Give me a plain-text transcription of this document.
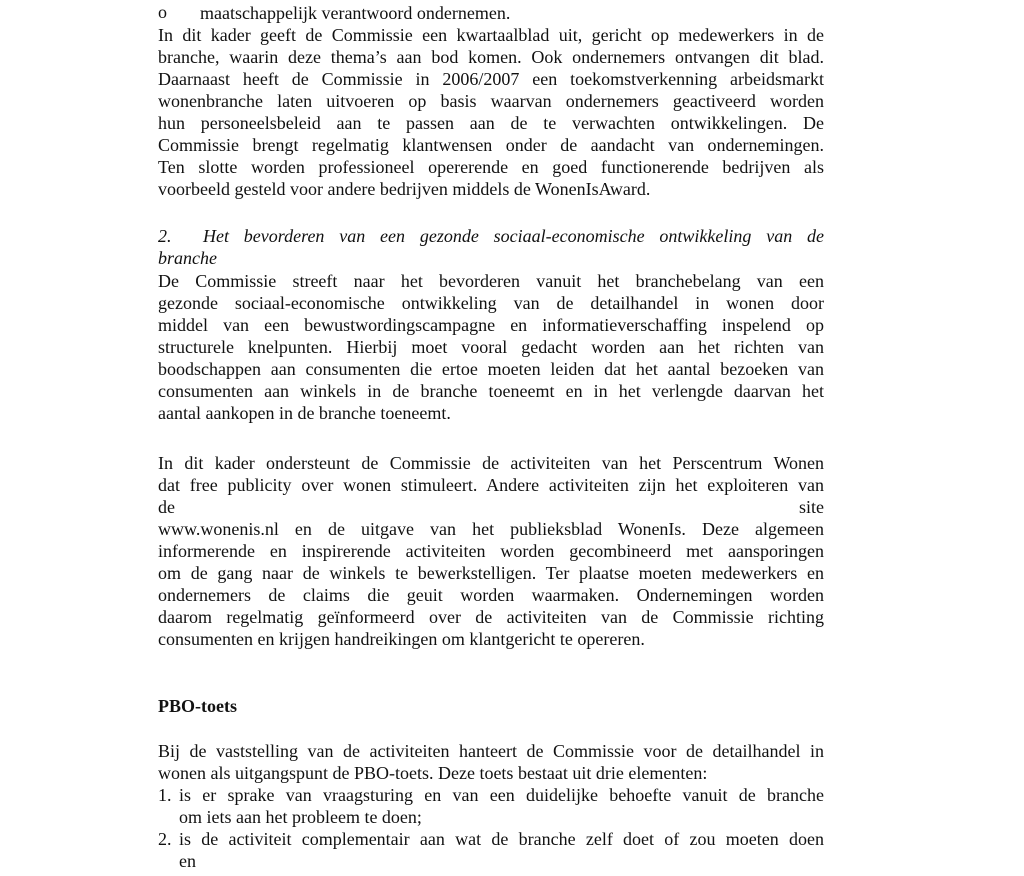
o maatschappelijk verantwoord ondernemen.
In dit kader geeft de Commissie een kwartaalblad uit, gericht op medewerkers in de
branche, waarin deze thema’s aan bod komen. Ook ondernemers ontvangen dit blad.
Daarnaast heeft de Commissie in 2006/2007 een toekomstverkenning arbeidsmarkt
wonenbranche laten uitvoeren op basis waarvan ondernemers geactiveerd worden
hun personeelsbeleid aan te passen aan de te verwachten ontwikkelingen. De
Commissie brengt regelmatig klantwensen onder de aandacht van ondernemingen.
Ten slotte worden professioneel opererende en goed functionerende bedrijven als
voorbeeld gesteld voor andere bedrijven middels de WonenIsAward.
2. Het bevorderen van een gezonde sociaal-economische ontwikkeling van de
branche
De Commissie streeft naar het bevorderen vanuit het branchebelang van een
gezonde sociaal-economische ontwikkeling van de detailhandel in wonen door
middel van een bewustwordingscampagne en informatieverschaffing inspelend op
structurele knelpunten. Hierbij moet vooral gedacht worden aan het richten van
boodschappen aan consumenten die ertoe moeten leiden dat het aantal bezoeken van
consumenten aan winkels in de branche toeneemt en in het verlengde daarvan het
aantal aankopen in de branche toeneemt.
In dit kader ondersteunt de Commissie de activiteiten van het Perscentrum Wonen
dat free publicity over wonen stimuleert. Andere activiteiten zijn het exploiteren van
de	site
www.wonenis.nl en de uitgave van het publieksblad WonenIs. Deze algemeen
informerende en inspirerende activiteiten worden gecombineerd met aansporingen
om de gang naar de winkels te bewerkstelligen. Ter plaatse moeten medewerkers en
ondernemers de claims die geuit worden waarmaken. Ondernemingen worden
daarom regelmatig geïnformeerd over de activiteiten van de Commissie richting
consumenten en krijgen handreikingen om klantgericht te opereren.
PBO-toets
Bij de vaststelling van de activiteiten hanteert de Commissie voor de detailhandel in
wonen als uitgangspunt de PBO-toets. Deze toets bestaat uit drie elementen:
1. is er sprake van vraagsturing en van een duidelijke behoefte vanuit de branche
om iets aan het probleem te doen;
2. is de activiteit complementair aan wat de branche zelf doet of zou moeten doen
en
